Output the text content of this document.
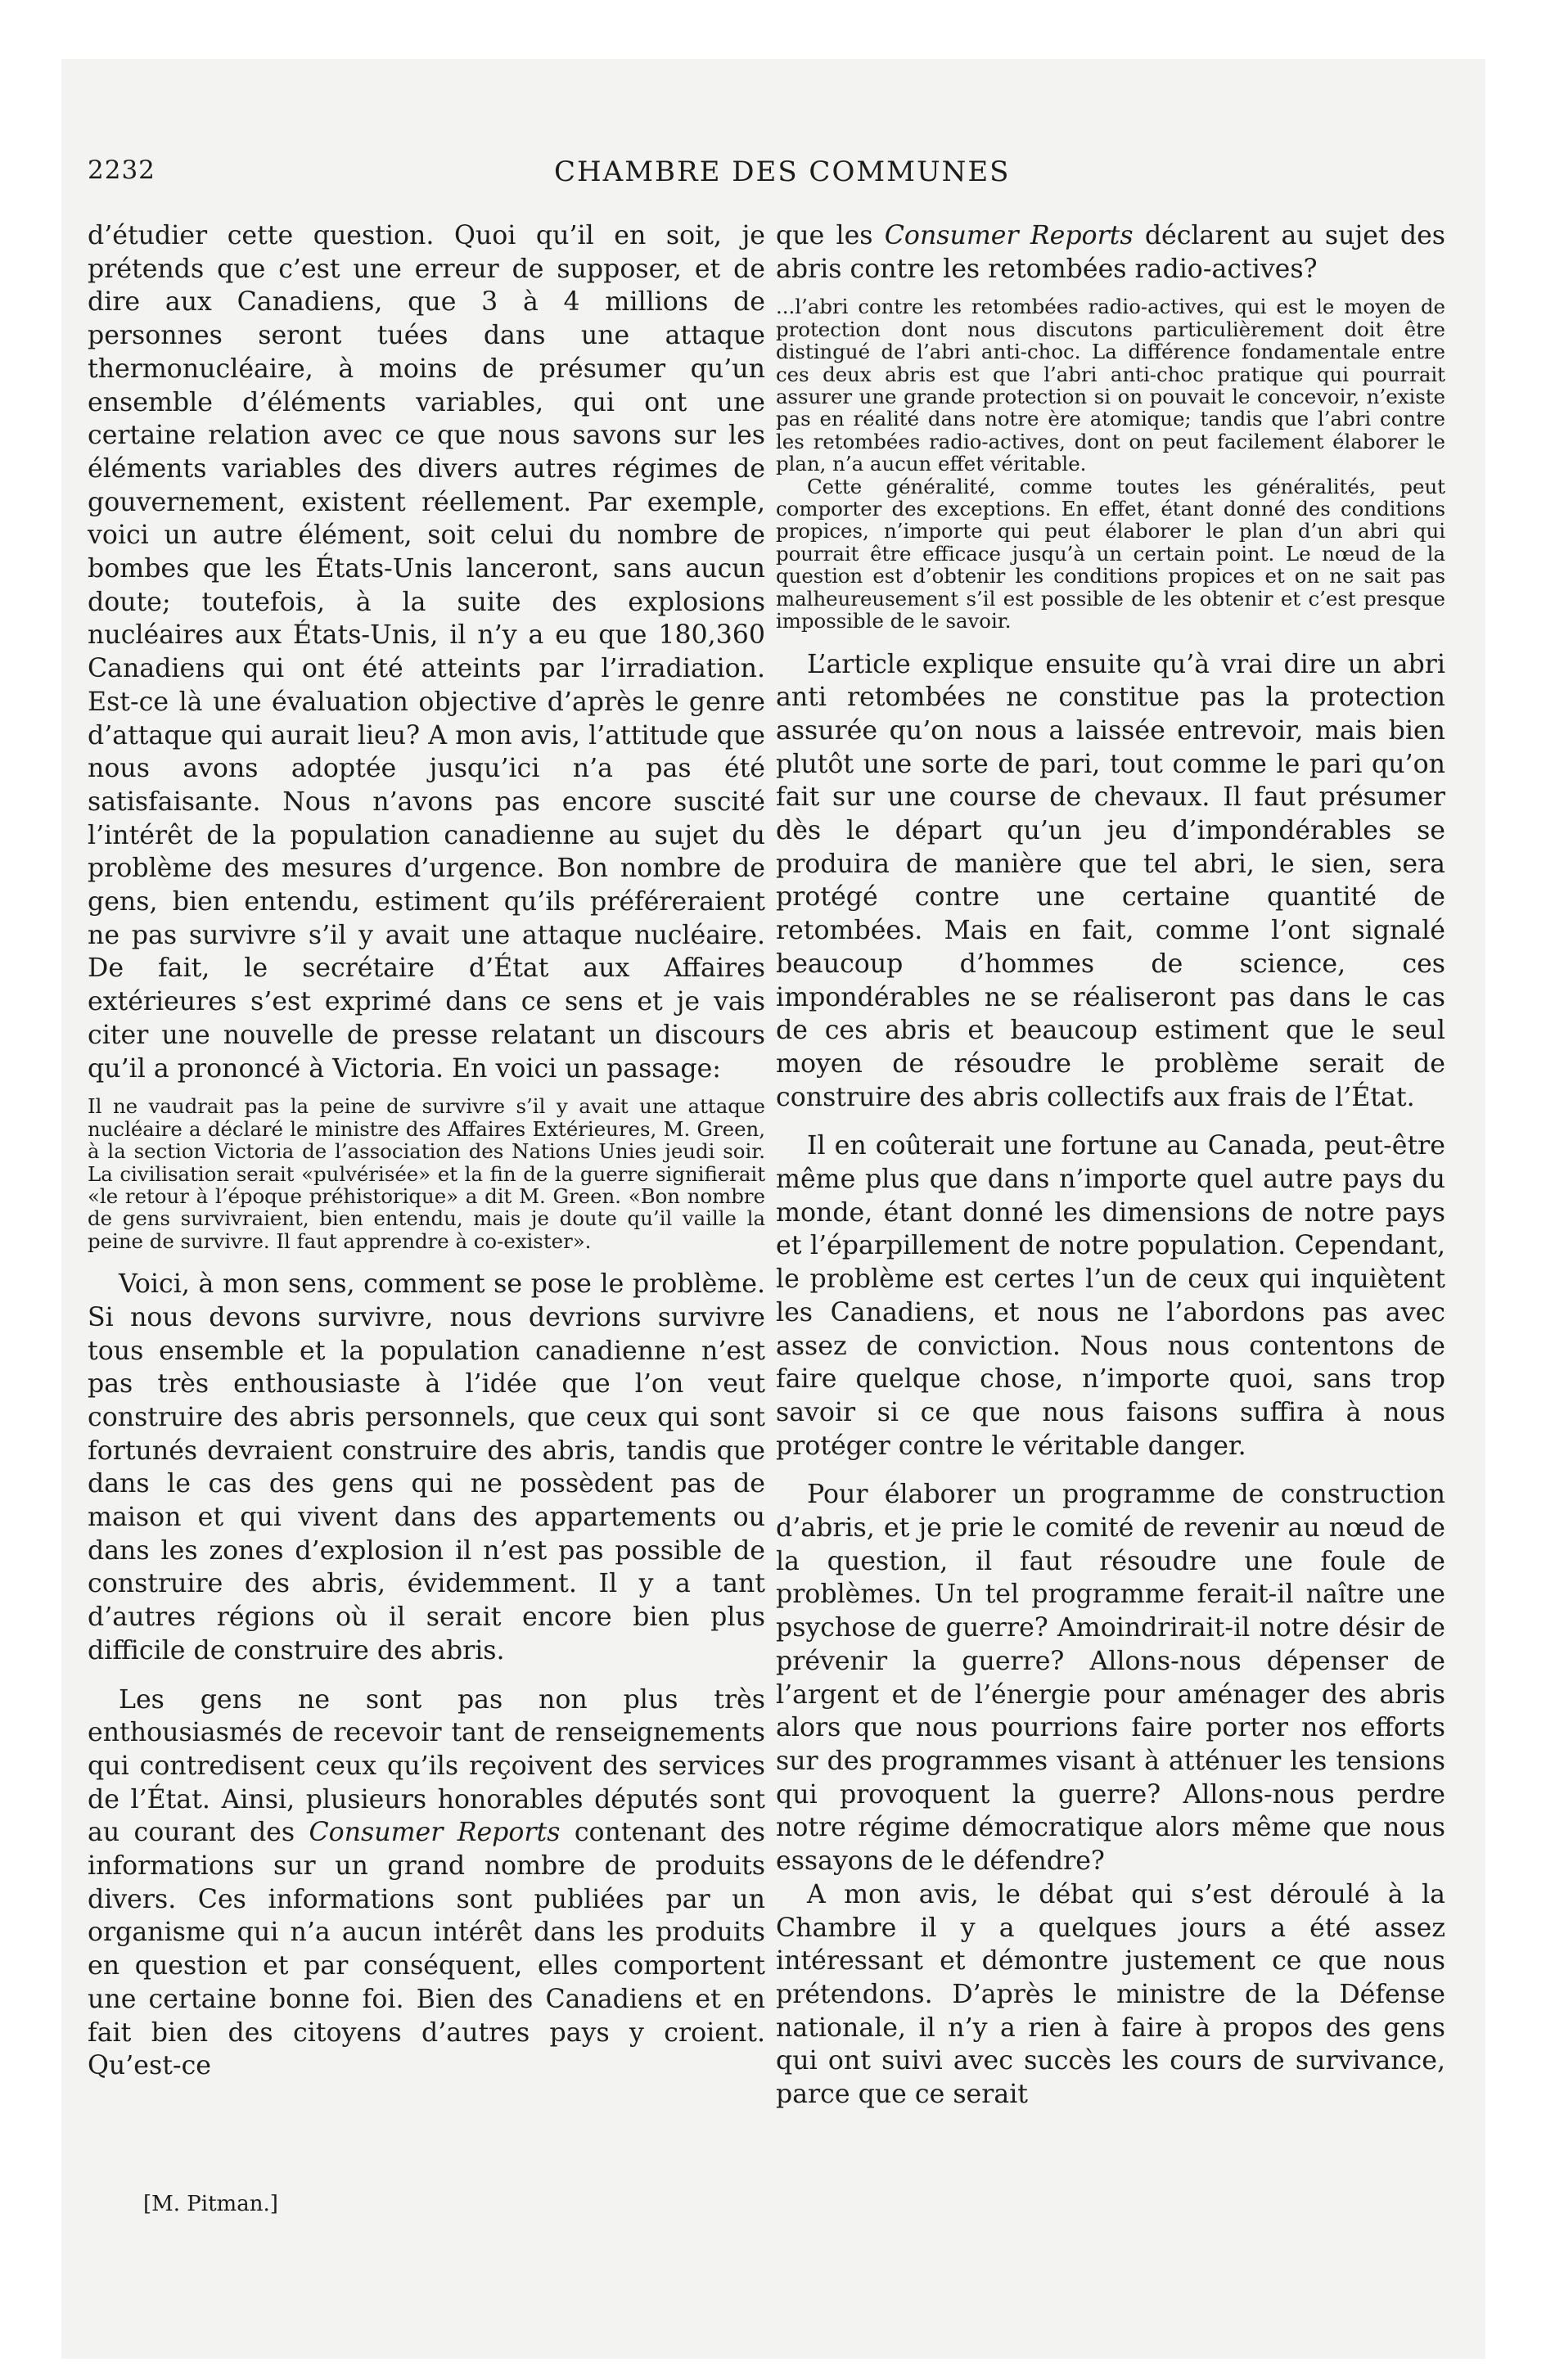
2232	CHAMBRE DES COMMUNES

d’étudier cette question. Quoi qu’il en soit, je prétends que c’est une erreur de supposer, et de dire aux Canadiens, que 3 à 4 millions de personnes seront tuées dans une attaque thermonucléaire, à moins de présumer qu’un ensemble d’éléments variables, qui ont une certaine relation avec ce que nous savons sur les éléments variables des divers autres régimes de gouvernement, existent réellement. Par exemple, voici un autre élément, soit celui du nombre de bombes que les États-Unis lanceront, sans aucun doute; toutefois, à la suite des explosions nucléaires aux États-Unis, il n’y a eu que 180,360 Canadiens qui ont été atteints par l’irradiation. Est-ce là une évaluation objective d’après le genre d’attaque qui aurait lieu? A mon avis, l’attitude que nous avons adoptée jusqu’ici n’a pas été satisfaisante. Nous n’avons pas encore suscité l’intérêt de la population canadienne au sujet du problème des mesures d’urgence. Bon nombre de gens, bien entendu, estiment qu’ils préféreraient ne pas survivre s’il y avait une attaque nucléaire. De fait, le secrétaire d’État aux Affaires extérieures s’est exprimé dans ce sens et je vais citer une nouvelle de presse relatant un discours qu’il a prononcé à Victoria. En voici un passage:

Il ne vaudrait pas la peine de survivre s’il y avait une attaque nucléaire a déclaré le ministre des Affaires Extérieures, M. Green, à la section Victoria de l’association des Nations Unies jeudi soir. La civilisation serait «pulvérisée» et la fin de la guerre signifierait «le retour à l’époque préhistorique» a dit M. Green. «Bon nombre de gens survivraient, bien entendu, mais je doute qu’il vaille la peine de survivre. Il faut apprendre à co-exister».

Voici, à mon sens, comment se pose le problème. Si nous devons survivre, nous devrions survivre tous ensemble et la population canadienne n’est pas très enthousiaste à l’idée que l’on veut construire des abris personnels, que ceux qui sont fortunés devraient construire des abris, tandis que dans le cas des gens qui ne possèdent pas de maison et qui vivent dans des appartements ou dans les zones d’explosion il n’est pas possible de construire des abris, évidemment. Il y a tant d’autres régions où il serait encore bien plus difficile de construire des abris.

Les gens ne sont pas non plus très enthousiasmés de recevoir tant de renseignements qui contredisent ceux qu’ils reçoivent des services de l’État. Ainsi, plusieurs honorables députés sont au courant des Consumer Reports contenant des informations sur un grand nombre de produits divers. Ces informations sont publiées par un organisme qui n’a aucun intérêt dans les produits en question et par conséquent, elles comportent une certaine bonne foi. Bien des Canadiens et en fait bien des citoyens d’autres pays y croient. Qu’est-ce

que les Consumer Reports déclarent au sujet des abris contre les retombées radio-actives?

...l’abri contre les retombées radio-actives, qui est le moyen de protection dont nous discutons particulièrement doit être distingué de l’abri anti-choc. La différence fondamentale entre ces deux abris est que l’abri anti-choc pratique qui pourrait assurer une grande protection si on pouvait le concevoir, n’existe pas en réalité dans notre ère atomique; tandis que l’abri contre les retombées radio-actives, dont on peut facilement élaborer le plan, n’a aucun effet véritable.

Cette généralité, comme toutes les généralités, peut comporter des exceptions. En effet, étant donné des conditions propices, n’importe qui peut élaborer le plan d’un abri qui pourrait être efficace jusqu’à un certain point. Le nœud de la question est d’obtenir les conditions propices et on ne sait pas malheureusement s’il est possible de les obtenir et c’est presque impossible de le savoir.

L’article explique ensuite qu’à vrai dire un abri anti retombées ne constitue pas la protection assurée qu’on nous a laissée entrevoir, mais bien plutôt une sorte de pari, tout comme le pari qu’on fait sur une course de chevaux. Il faut présumer dès le départ qu’un jeu d’impondérables se produira de manière que tel abri, le sien, sera protégé contre une certaine quantité de retombées. Mais en fait, comme l’ont signalé beaucoup d’hommes de science, ces impondérables ne se réaliseront pas dans le cas de ces abris et beaucoup estiment que le seul moyen de résoudre le problème serait de construire des abris collectifs aux frais de l’État.

Il en coûterait une fortune au Canada, peut-être même plus que dans n’importe quel autre pays du monde, étant donné les dimensions de notre pays et l’éparpillement de notre population. Cependant, le problème est certes l’un de ceux qui inquiètent les Canadiens, et nous ne l’abordons pas avec assez de conviction. Nous nous contentons de faire quelque chose, n’importe quoi, sans trop savoir si ce que nous faisons suffira à nous protéger contre le véritable danger.

Pour élaborer un programme de construction d’abris, et je prie le comité de revenir au nœud de la question, il faut résoudre une foule de problèmes. Un tel programme ferait-il naître une psychose de guerre? Amoindrirait-il notre désir de prévenir la guerre? Allons-nous dépenser de l’argent et de l’énergie pour aménager des abris alors que nous pourrions faire porter nos efforts sur des programmes visant à atténuer les tensions qui provoquent la guerre? Allons-nous perdre notre régime démocratique alors même que nous essayons de le défendre?

A mon avis, le débat qui s’est déroulé à la Chambre il y a quelques jours a été assez intéressant et démontre justement ce que nous prétendons. D’après le ministre de la Défense nationale, il n’y a rien à faire à propos des gens qui ont suivi avec succès les cours de survivance, parce que ce serait

[M. Pitman.]
